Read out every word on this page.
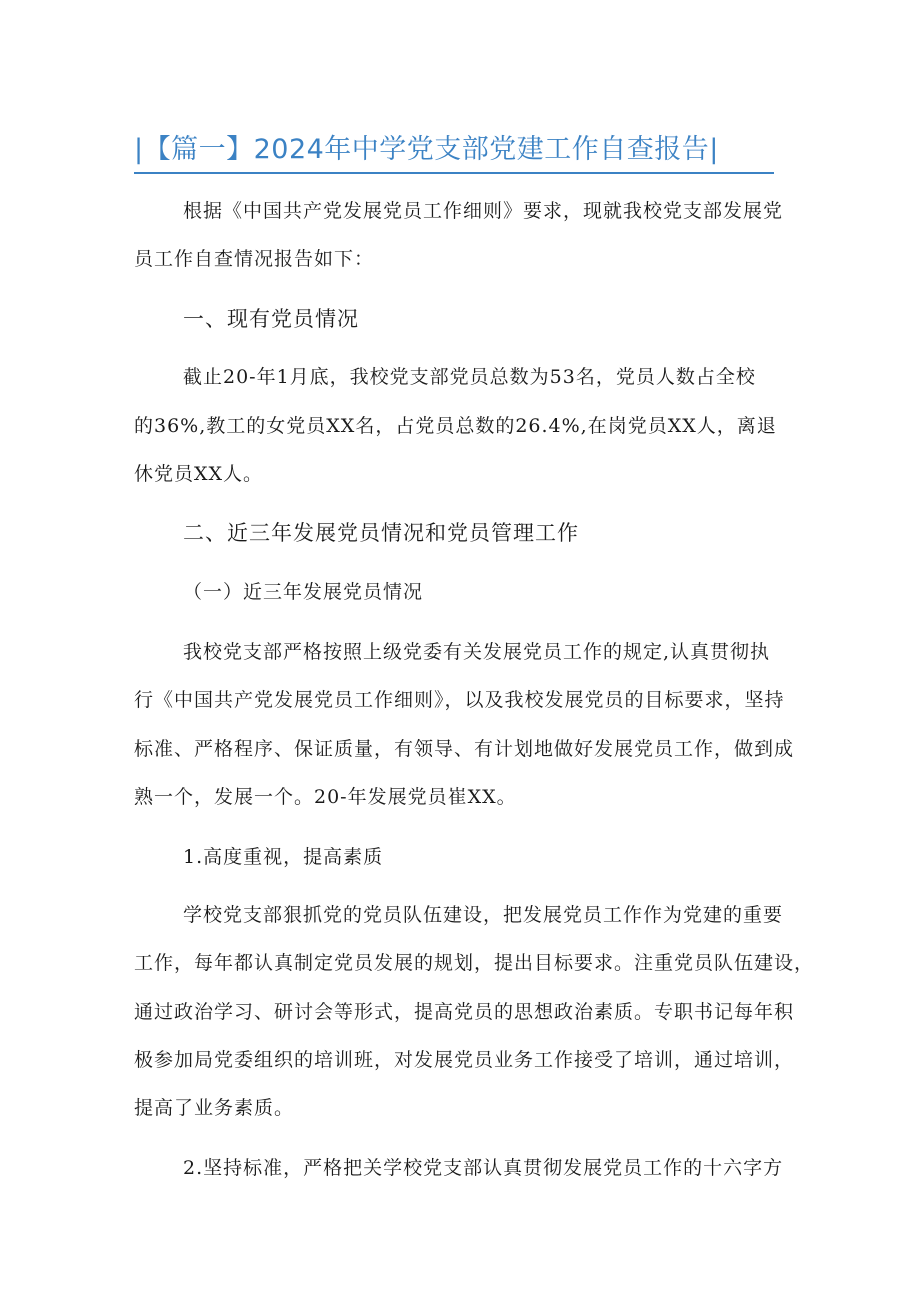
|【篇一】2024年中学党支部党建工作自查报告|
根据《中国共产党发展党员工作细则》要求，现就我校党支部发展党
员工作自查情况报告如下：
一、现有党员情况
截止20-年1月底，我校党支部党员总数为53名，党员人数占全校
的36%,教工的女党员XX名，占党员总数的26.4%,在岗党员XX人，离退
休党员XX人。
二、近三年发展党员情况和党员管理工作
（一）近三年发展党员情况
我校党支部严格按照上级党委有关发展党员工作的规定,认真贯彻执
行《中国共产党发展党员工作细则》，以及我校发展党员的目标要求，坚持
标准、严格程序、保证质量，有领导、有计划地做好发展党员工作，做到成
熟一个，发展一个。20-年发展党员崔XX。
1.高度重视，提高素质
学校党支部狠抓党的党员队伍建设，把发展党员工作作为党建的重要
工作，每年都认真制定党员发展的规划，提出目标要求。注重党员队伍建设，
通过政治学习、研讨会等形式，提高党员的思想政治素质。专职书记每年积
极参加局党委组织的培训班，对发展党员业务工作接受了培训，通过培训，
提高了业务素质。
2.坚持标准，严格把关学校党支部认真贯彻发展党员工作的十六字方
